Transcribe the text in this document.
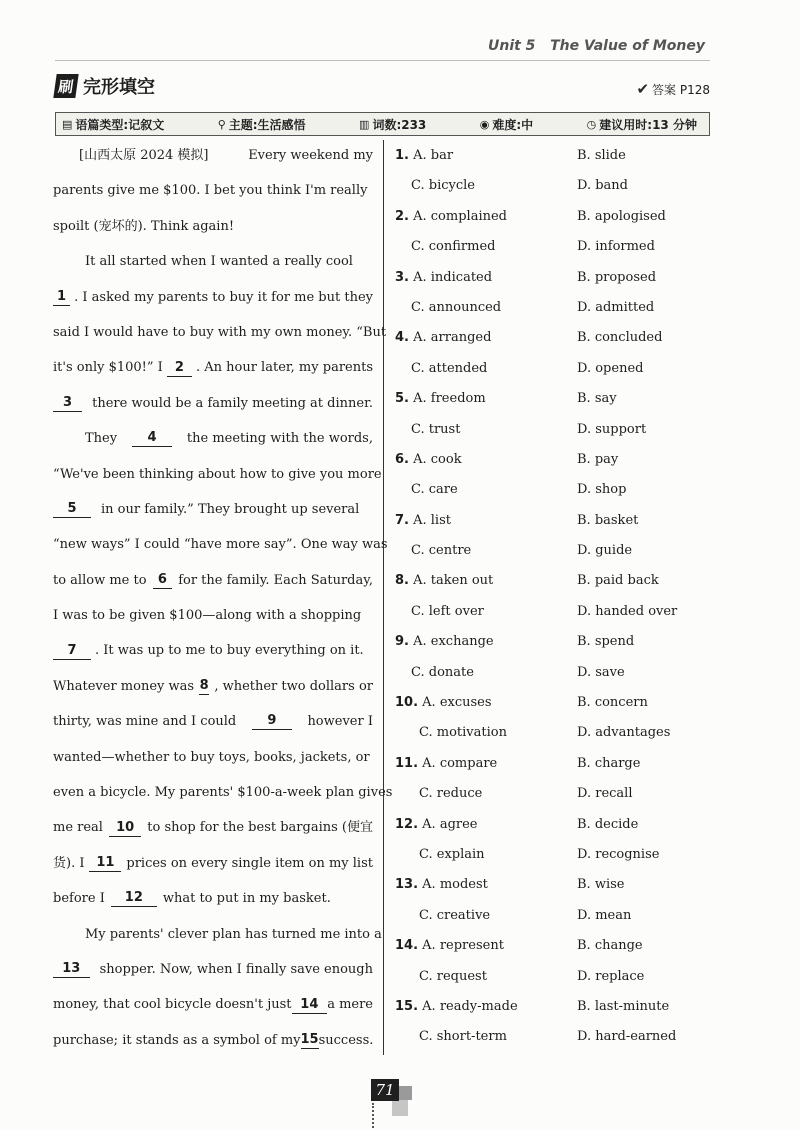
Unit 5 The Value of Money
刷 完形填空	✔ 答案 P128
▤ 语篇类型:记叙文	⚲ 主题:生活感悟	▥ 词数:233	◉ 难度:中	◷ 建议用时:13 分钟
[山西太原 2024 模拟]	Every weekend my
parents give me $100. I bet you think I'm really
spoilt (宠坏的). Think again!
It all started when I wanted a really cool
1 . I asked my parents to buy it for me but they
said I would have to buy with my own money. “But
it's only $100!” I 2 . An hour later, my parents
3	there would be a family meeting at dinner.
They	4	the meeting with the words,
“We've been thinking about how to give you more
5	in our family.” They brought up several
“new ways” I could “have more say”. One way was
to allow me to 6 for the family. Each Saturday,
I was to be given $100—along with a shopping
7	. It was up to me to buy everything on it.
Whatever money was 8 , whether two dollars or
thirty, was mine and I could	9	however I
wanted—whether to buy toys, books, jackets, or
even a bicycle. My parents' $100-a-week plan gives
me real	10	to shop for the best bargains (便宜
货). I 11 prices on every single item on my list
before I	12	what to put in my basket.
My parents' clever plan has turned me into a
13	shopper. Now, when I finally save enough
money, that cool bicycle doesn't just 14 a mere
purchase; it stands as a symbol of my 15 success.
1. A. bar	B. slide
C. bicycle	D. band
2. A. complained	B. apologised
C. confirmed	D. informed
3. A. indicated	B. proposed
C. announced	D. admitted
4. A. arranged	B. concluded
C. attended	D. opened
5. A. freedom	B. say
C. trust	D. support
6. A. cook	B. pay
C. care	D. shop
7. A. list	B. basket
C. centre	D. guide
8. A. taken out	B. paid back
C. left over	D. handed over
9. A. exchange	B. spend
C. donate	D. save
10. A. excuses	B. concern
C. motivation	D. advantages
11. A. compare	B. charge
C. reduce	D. recall
12. A. agree	B. decide
C. explain	D. recognise
13. A. modest	B. wise
C. creative	D. mean
14. A. represent	B. change
C. request	D. replace
15. A. ready-made	B. last-minute
C. short-term	D. hard-earned
71
